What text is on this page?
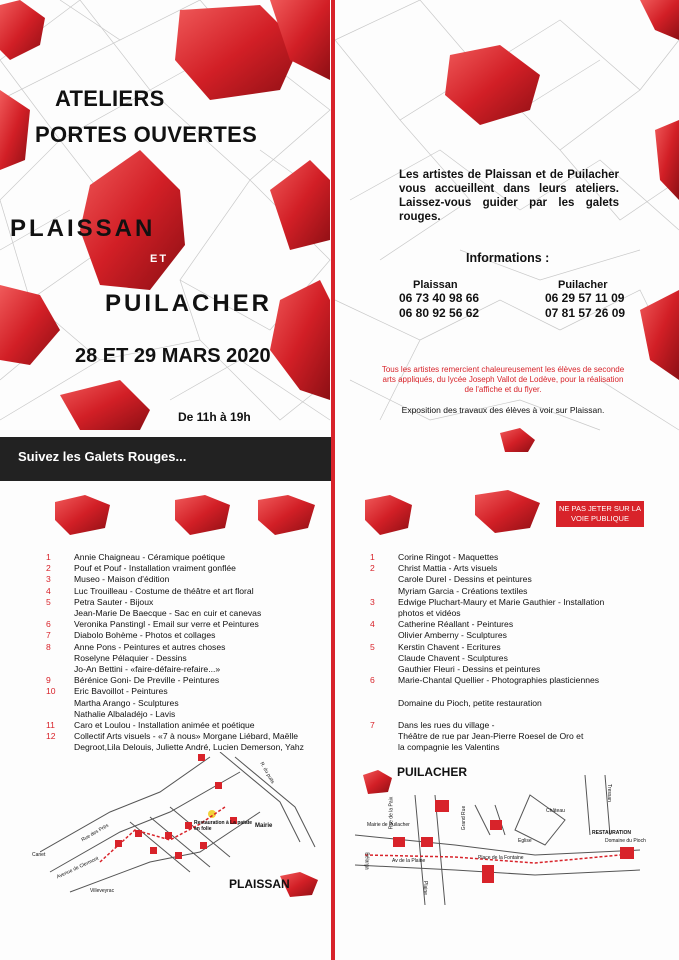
ATELIERS
PORTES OUVERTES
PLAISSAN
ET
PUILACHER
28 ET 29 MARS 2020
De 11h à 19h
Suivez les Galets Rouges...
Les artistes de Plaissan et de Puilacher vous accueillent dans leurs ateliers. Laissez-vous guider par les galets rouges.
Informations :
Plaissan
06 73 40 98 66
06 80 92 56 62
Puilacher
06 29 57 11 09
07 81 57 26 09
Tous les artistes remercient chaleureusement les élèves de seconde arts appliqués, du lycée Joseph Vallot de Lodève, pour la réalisation de l'affiche et du flyer.
Exposition des travaux des élèves à voir sur Plaissan.
NE PAS JETER SUR LA VOIE PUBLIQUE
1	Annie Chaigneau - Céramique poétique
2	Pouf et Pouf - Installation vraiment gonflée
3	Museo - Maison d'édition
4	Luc Trouilleau - Costume de théâtre et art floral
5	Petra Sauter - Bijoux
Jean-Marie De Baecque - Sac en cuir et canevas
6	Veronika Panstingl - Email sur verre et Peintures
7	Diabolo Bohème - Photos et collages
8	Anne Pons - Peintures et autres choses
Roselyne Pélaquier - Dessins
Jo-An Bettini - «faire-défaire-refaire...»
9	Bérénice Goni- De Preville - Peintures
10	Eric Bavoillot - Peintures
Martha Arango - Sculptures
Nathalie Albaladéjo - Lavis
11	Caro et Loulou - Installation animée et poétique
12	Collectif Arts visuels - «7 à nous» Morgane Liébard, Maëlle
Degroot,Lila Delouis, Juliette André, Lucien Demerson, Yahz
1	Corine Ringot - Maquettes
2	Christ Mattia - Arts visuels
Carole Durel - Dessins et peintures
Myriam Garcia - Créations textiles
3	Edwige Pluchart-Maury et Marie Gauthier - Installation
photos et vidéos
4	Catherine Réallant - Peintures
Olivier Amberny - Sculptures
5	Kerstin Chavent - Ecritures
Claude Chavent - Sculptures
Gauthier Fleuri - Dessins et peintures
6	Marie-Chantal Quellier - Photographies plasticiennes

Domaine du Pioch, petite restauration

7	Dans les rues du village -
Théâtre de rue par Jean-Pierre Roesel de Oro et
la compagnie les Valentins
Restauration à La patate en folie	Mairie
Canet
Villeveyrac
Rue des Près
Avenue de Clermont
R. du puits
PLAISSAN
PUILACHER
Mairie de Puilacher
Eglise
Château
RESTAURATION
Domaine du Pioch
Place de la Fontaine
Av de la Plaine
Tressan
Bélarga
Plaine
Grand Rue
Rue de la Paix
